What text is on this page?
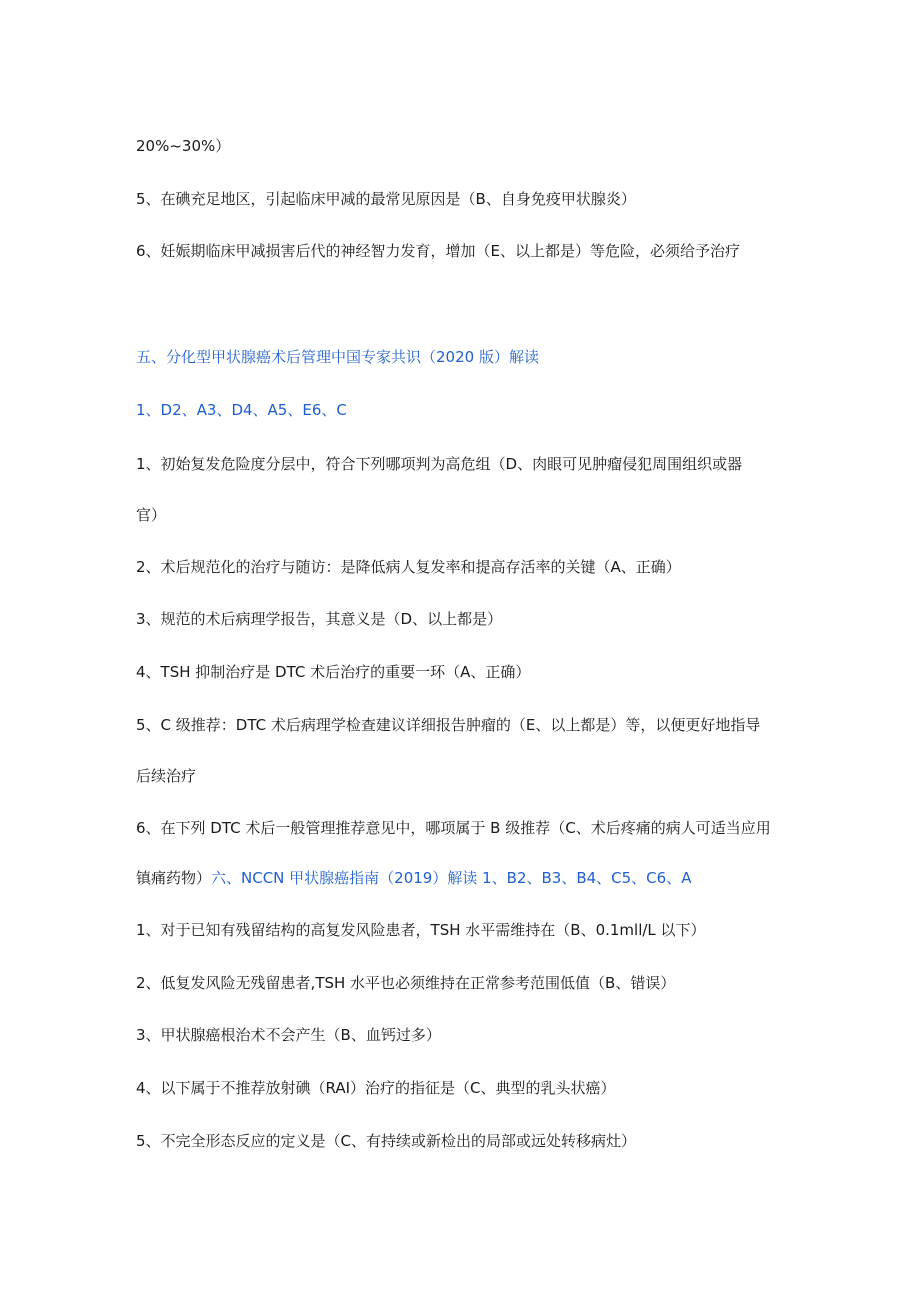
20%~30%）
5、在碘充足地区，引起临床甲减的最常见原因是（B、自身免疫甲状腺炎）
6、妊娠期临床甲减损害后代的神经智力发育，增加（E、以上都是）等危险，必须给予治疗
五、分化型甲状腺癌术后管理中国专家共识（2020 版）解读
1、D2、A3、D4、A5、E6、C
1、初始复发危险度分层中，符合下列哪项判为高危组（D、肉眼可见肿瘤侵犯周围组织或器
官）
2、术后规范化的治疗与随访：是降低病人复发率和提高存活率的关键（A、正确）
3、规范的术后病理学报告，其意义是（D、以上都是）
4、TSH 抑制治疗是 DTC 术后治疗的重要一环（A、正确）
5、C 级推荐：DTC 术后病理学检查建议详细报告肿瘤的（E、以上都是）等，以便更好地指导
后续治疗
6、在下列 DTC 术后一般管理推荐意见中，哪项属于 B 级推荐（C、术后疼痛的病人可适当应用
镇痛药物）六、NCCN 甲状腺癌指南（2019）解读 1、B2、B3、B4、C5、C6、A
1、对于已知有残留结构的高复发风险患者，TSH 水平需维持在（B、0.1mll/L 以下）
2、低复发风险无残留患者,TSH 水平也必须维持在正常参考范围低值（B、错误）
3、甲状腺癌根治术不会产生（B、血钙过多）
4、以下属于不推荐放射碘（RAI）治疗的指征是（C、典型的乳头状癌）
5、不完全形态反应的定义是（C、有持续或新检出的局部或远处转移病灶）
